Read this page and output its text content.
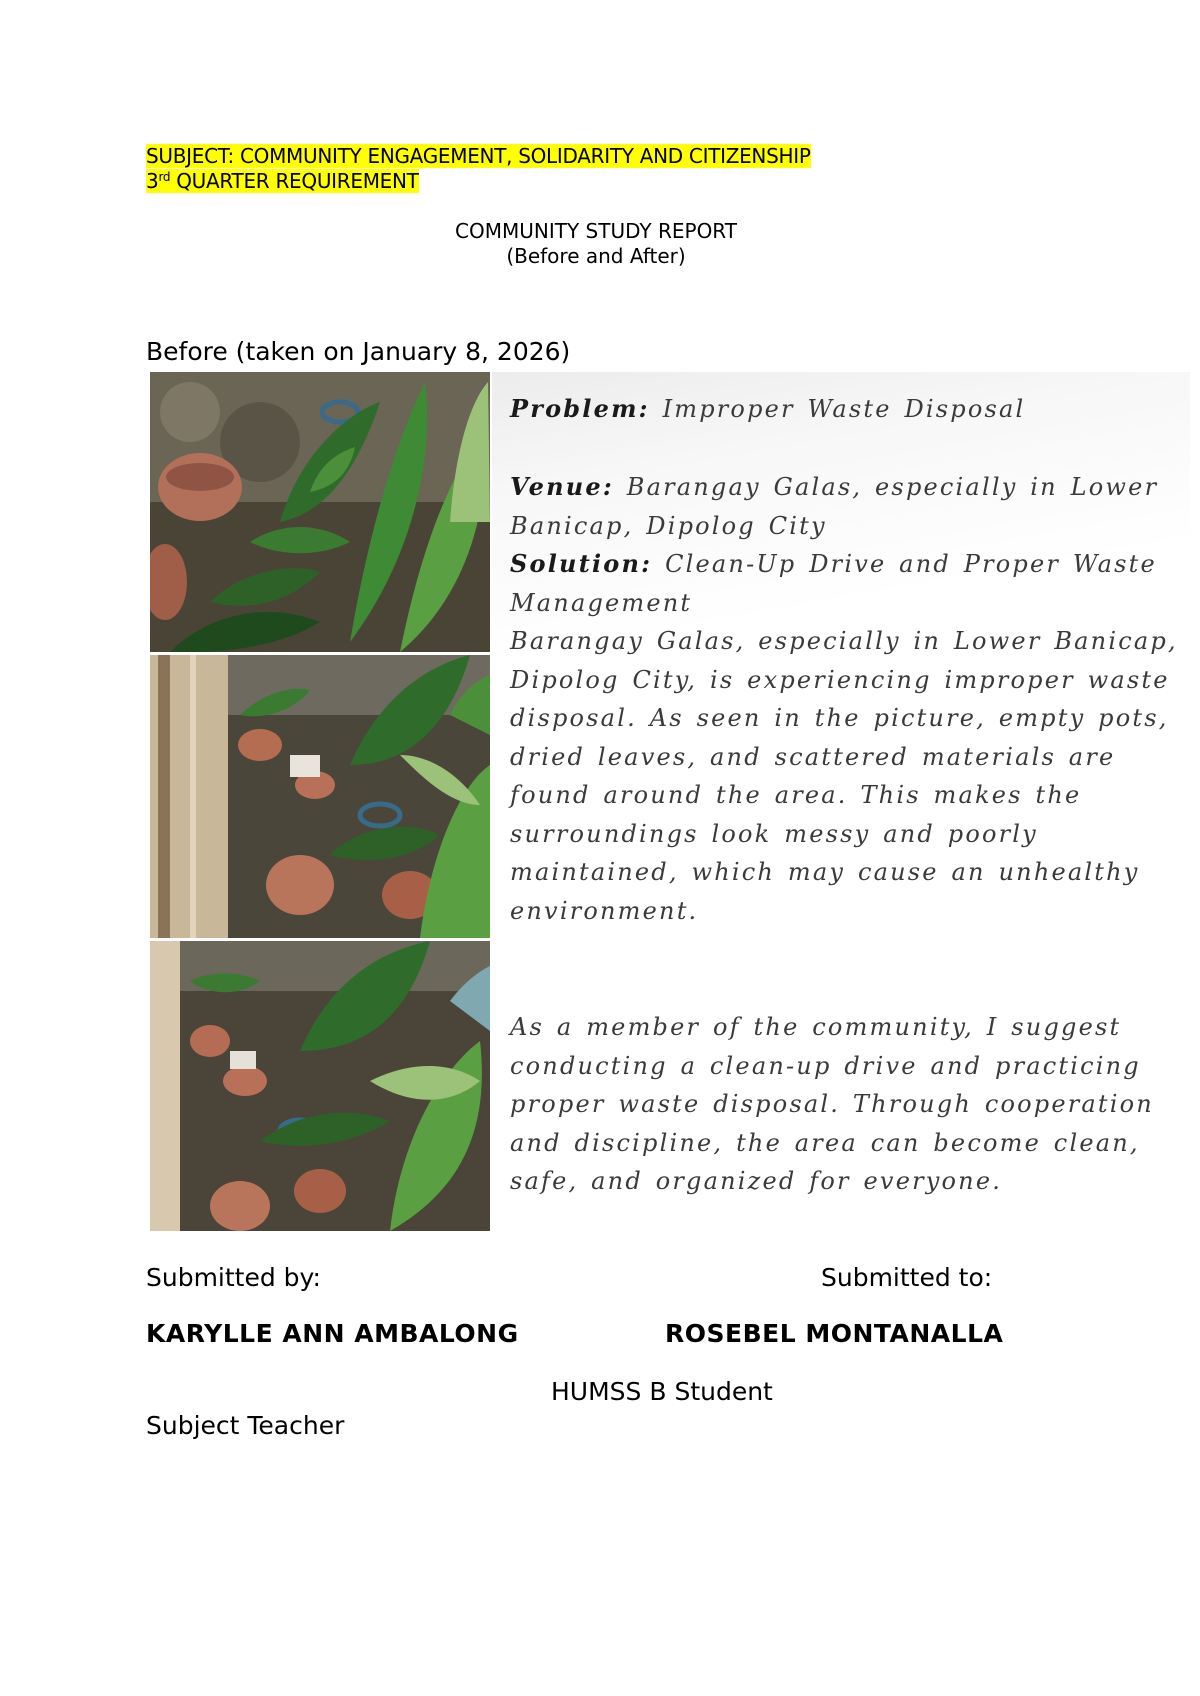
SUBJECT: COMMUNITY ENGAGEMENT, SOLIDARITY AND CITIZENSHIP
3rd QUARTER REQUIREMENT
COMMUNITY STUDY REPORT
(Before and After)
Before (taken on January 8, 2026)
Problem: Improper Waste Disposal
Venue: Barangay Galas, especially in Lower Banicap, Dipolog City
Solution: Clean-Up Drive and Proper Waste Management
Barangay Galas, especially in Lower Banicap, Dipolog City, is experiencing improper waste disposal. As seen in the picture, empty pots, dried leaves, and scattered materials are found around the area. This makes the surroundings look messy and poorly maintained, which may cause an unhealthy environment.
As a member of the community, I suggest conducting a clean-up drive and practicing proper waste disposal. Through cooperation and discipline, the area can become clean, safe, and organized for everyone.
Submitted by:	Submitted to:
KARYLLE ANN AMBALONG	ROSEBEL MONTANALLA
HUMSS B Student
Subject Teacher
